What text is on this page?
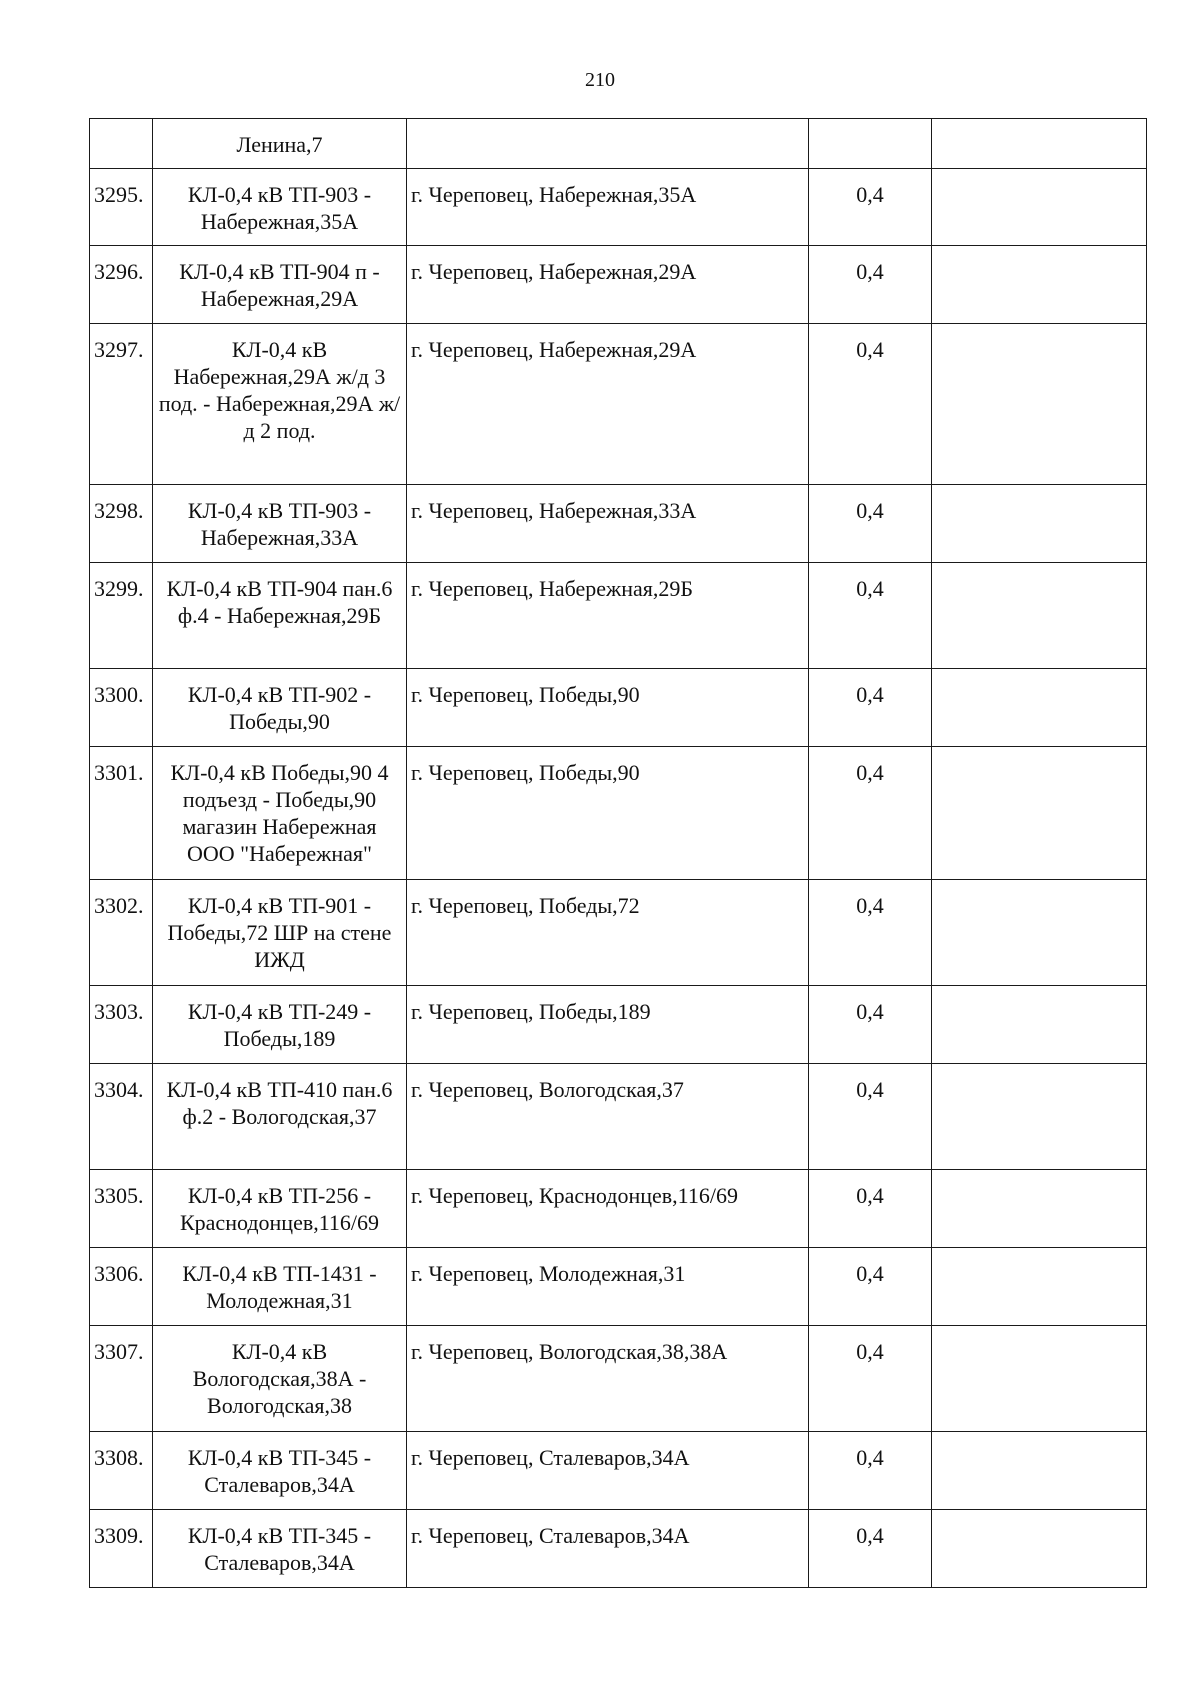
210
	Ленина,7			
3295.	КЛ-0,4 кВ ТП-903 - Набережная,35А	г. Череповец, Набережная,35А	0,4	
3296.	КЛ-0,4 кВ ТП-904 п - Набережная,29А	г. Череповец, Набережная,29А	0,4	
3297.	КЛ-0,4 кВ Набережная,29А ж/д 3 под. - Набережная,29А ж/д 2 под.	г. Череповец, Набережная,29А	0,4	
3298.	КЛ-0,4 кВ ТП-903 - Набережная,33А	г. Череповец, Набережная,33А	0,4	
3299.	КЛ-0,4 кВ ТП-904 пан.6 ф.4 - Набережная,29Б	г. Череповец, Набережная,29Б	0,4	
3300.	КЛ-0,4 кВ ТП-902 - Победы,90	г. Череповец, Победы,90	0,4	
3301.	КЛ-0,4 кВ Победы,90 4 подъезд - Победы,90 магазин Набережная ООО "Набережная"	г. Череповец, Победы,90	0,4	
3302.	КЛ-0,4 кВ ТП-901 - Победы,72 ШР на стене ИЖД	г. Череповец, Победы,72	0,4	
3303.	КЛ-0,4 кВ ТП-249 - Победы,189	г. Череповец, Победы,189	0,4	
3304.	КЛ-0,4 кВ ТП-410 пан.6 ф.2 - Вологодская,37	г. Череповец, Вологодская,37	0,4	
3305.	КЛ-0,4 кВ ТП-256 - Краснодонцев,116/69	г. Череповец, Краснодонцев,116/69	0,4	
3306.	КЛ-0,4 кВ ТП-1431 - Молодежная,31	г. Череповец, Молодежная,31	0,4	
3307.	КЛ-0,4 кВ Вологодская,38А - Вологодская,38	г. Череповец, Вологодская,38,38А	0,4	
3308.	КЛ-0,4 кВ ТП-345 - Сталеваров,34А	г. Череповец, Сталеваров,34А	0,4	
3309.	КЛ-0,4 кВ ТП-345 - Сталеваров,34А	г. Череповец, Сталеваров,34А	0,4	
